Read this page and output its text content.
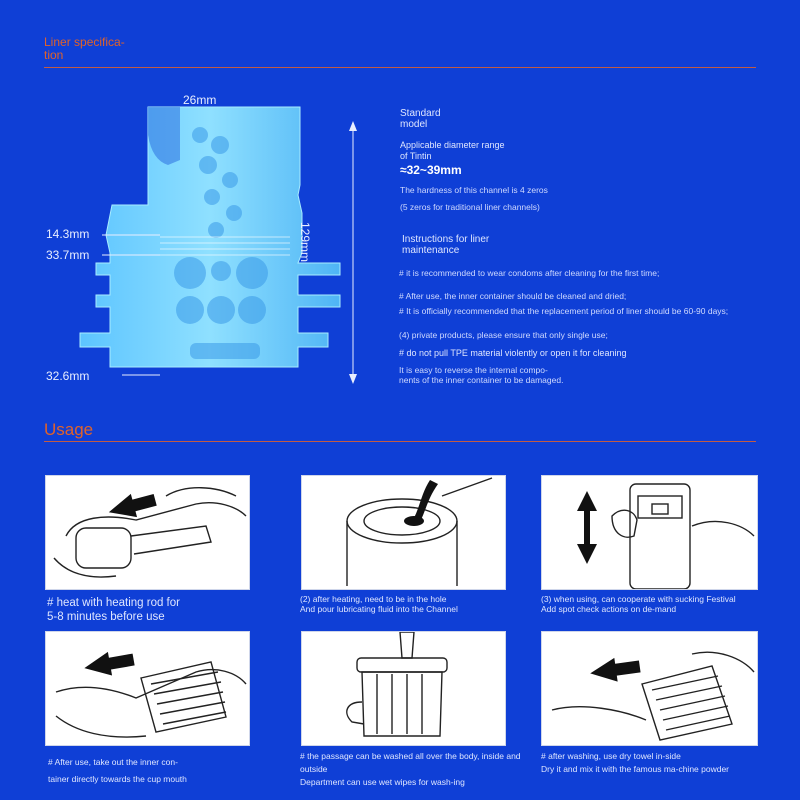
Liner specifica-
tion
26mm
14.3mm
33.7mm
32.6mm
129mm
Standard
model
Applicable diameter range
of Tintin
≈32~39mm
The hardness of this channel is 4 zeros
(5 zeros for traditional liner channels)
Instructions for liner
maintenance
# it is recommended to wear condoms after cleaning for the first time;
# After use, the inner container should be cleaned and dried;
# It is officially recommended that the replacement period of liner should be 60-90 days;
(4) private products, please ensure that only single use;
# do not pull TPE material violently or open it for cleaning
It is easy to reverse the internal compo-
nents of the inner container to be damaged.
Usage
# heat with heating rod for
5-8 minutes before use
(2) after heating, need to be in the hole
And pour lubricating fluid into the Channel
(3) when using, can cooperate with sucking Festival
Add spot check actions on de-mand
# After use, take out the inner con-
tainer directly towards the cup mouth
# the passage can be washed all over the body, inside and outside
Department can use wet wipes for wash-ing
# after washing, use dry towel in-side
Dry it and mix it with the famous ma-chine powder
